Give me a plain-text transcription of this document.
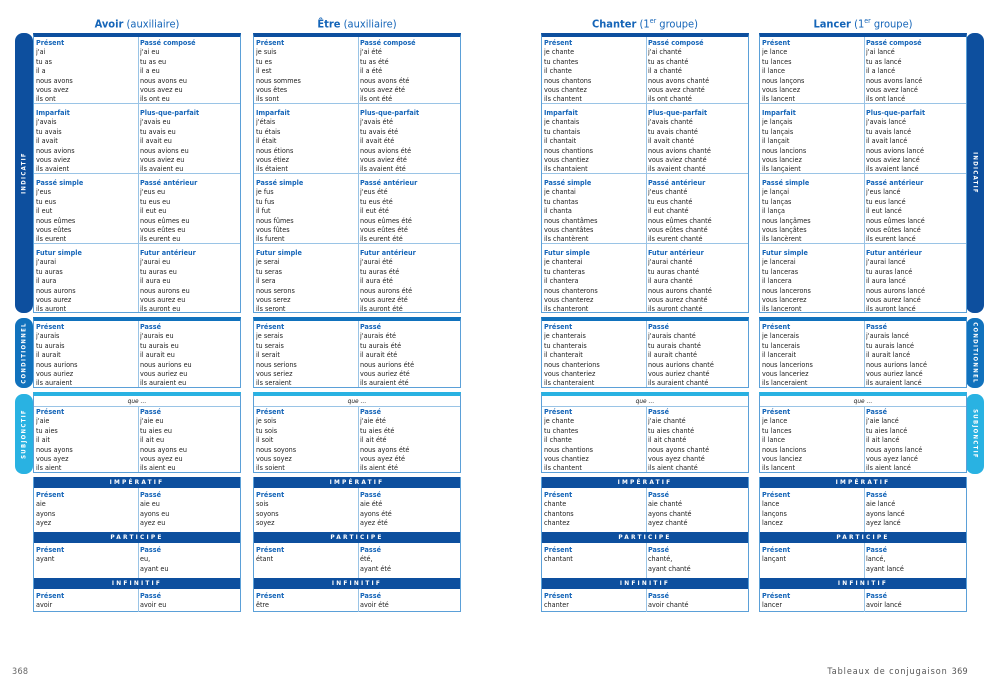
INDICATIF
CONDITIONNEL
SUBJONCTIF
INDICATIF
CONDITIONNEL
SUBJONCTIF
Avoir (auxiliaire)
Présent
j'ai
tu as
il a
nous avons
vous avez
ils ont
Passé composé
j'ai eu
tu as eu
il a eu
nous avons eu
vous avez eu
ils ont eu
Imparfait
j'avais
tu avais
il avait
nous avions
vous aviez
ils avaient
Plus-que-parfait
j'avais eu
tu avais eu
il avait eu
nous avions eu
vous aviez eu
ils avaient eu
Passé simple
j'eus
tu eus
il eut
nous eûmes
vous eûtes
ils eurent
Passé antérieur
j'eus eu
tu eus eu
il eut eu
nous eûmes eu
vous eûtes eu
ils eurent eu
Futur simple
j'aurai
tu auras
il aura
nous aurons
vous aurez
ils auront
Futur antérieur
j'aurai eu
tu auras eu
il aura eu
nous aurons eu
vous aurez eu
ils auront eu
Présent
j'aurais
tu aurais
il aurait
nous aurions
vous auriez
ils auraient
Passé
j'aurais eu
tu aurais eu
il aurait eu
nous aurions eu
vous auriez eu
ils auraient eu
que …
Présent
j'aie
tu aies
il ait
nous ayons
vous ayez
ils aient
Passé
j'aie eu
tu aies eu
il ait eu
nous ayons eu
vous ayez eu
ils aient eu
IMPÉRATIF
Présent
aie
ayons
ayez
Passé
aie eu
ayons eu
ayez eu
PARTICIPE
Présent
ayant
Passé
eu,
ayant eu
INFINITIF
Présent
avoir
Passé
avoir eu
Être (auxiliaire)
Présent
je suis
tu es
il est
nous sommes
vous êtes
ils sont
Passé composé
j'ai été
tu as été
il a été
nous avons été
vous avez été
ils ont été
Imparfait
j'étais
tu étais
il était
nous étions
vous étiez
ils étaient
Plus-que-parfait
j'avais été
tu avais été
il avait été
nous avions été
vous aviez été
ils avaient été
Passé simple
je fus
tu fus
il fut
nous fûmes
vous fûtes
ils furent
Passé antérieur
j'eus été
tu eus été
il eut été
nous eûmes été
vous eûtes été
ils eurent été
Futur simple
je serai
tu seras
il sera
nous serons
vous serez
ils seront
Futur antérieur
j'aurai été
tu auras été
il aura été
nous aurons été
vous aurez été
ils auront été
Présent
je serais
tu serais
il serait
nous serions
vous seriez
ils seraient
Passé
j'aurais été
tu aurais été
il aurait été
nous aurions été
vous auriez été
ils auraient été
que …
Présent
je sois
tu sois
il soit
nous soyons
vous soyez
ils soient
Passé
j'aie été
tu aies été
il ait été
nous ayons été
vous ayez été
ils aient été
IMPÉRATIF
Présent
sois
soyons
soyez
Passé
aie été
ayons été
ayez été
PARTICIPE
Présent
étant
Passé
été,
ayant été
INFINITIF
Présent
être
Passé
avoir été
Chanter (1er groupe)
Présent
je chante
tu chantes
il chante
nous chantons
vous chantez
ils chantent
Passé composé
j'ai chanté
tu as chanté
il a chanté
nous avons chanté
vous avez chanté
ils ont chanté
Imparfait
je chantais
tu chantais
il chantait
nous chantions
vous chantiez
ils chantaient
Plus-que-parfait
j'avais chanté
tu avais chanté
il avait chanté
nous avions chanté
vous aviez chanté
ils avaient chanté
Passé simple
je chantai
tu chantas
il chanta
nous chantâmes
vous chantâtes
ils chantèrent
Passé antérieur
j'eus chanté
tu eus chanté
il eut chanté
nous eûmes chanté
vous eûtes chanté
ils eurent chanté
Futur simple
je chanterai
tu chanteras
il chantera
nous chanterons
vous chanterez
ils chanteront
Futur antérieur
j'aurai chanté
tu auras chanté
il aura chanté
nous aurons chanté
vous aurez chanté
ils auront chanté
Présent
je chanterais
tu chanterais
il chanterait
nous chanterions
vous chanteriez
ils chanteraient
Passé
j'aurais chanté
tu aurais chanté
il aurait chanté
nous aurions chanté
vous auriez chanté
ils auraient chanté
que …
Présent
je chante
tu chantes
il chante
nous chantions
vous chantiez
ils chantent
Passé
j'aie chanté
tu aies chanté
il ait chanté
nous ayons chanté
vous ayez chanté
ils aient chanté
IMPÉRATIF
Présent
chante
chantons
chantez
Passé
aie chanté
ayons chanté
ayez chanté
PARTICIPE
Présent
chantant
Passé
chanté,
ayant chanté
INFINITIF
Présent
chanter
Passé
avoir chanté
Lancer (1er groupe)
Présent
je lance
tu lances
il lance
nous lançons
vous lancez
ils lancent
Passé composé
j'ai lancé
tu as lancé
il a lancé
nous avons lancé
vous avez lancé
ils ont lancé
Imparfait
je lançais
tu lançais
il lançait
nous lancions
vous lanciez
ils lançaient
Plus-que-parfait
j'avais lancé
tu avais lancé
il avait lancé
nous avions lancé
vous aviez lancé
ils avaient lancé
Passé simple
je lançai
tu lanças
il lança
nous lançâmes
vous lançâtes
ils lancèrent
Passé antérieur
j'eus lancé
tu eus lancé
il eut lancé
nous eûmes lancé
vous eûtes lancé
ils eurent lancé
Futur simple
je lancerai
tu lanceras
il lancera
nous lancerons
vous lancerez
ils lanceront
Futur antérieur
j'aurai lancé
tu auras lancé
il aura lancé
nous aurons lancé
vous aurez lancé
ils auront lancé
Présent
je lancerais
tu lancerais
il lancerait
nous lancerions
vous lanceriez
ils lanceraient
Passé
j'aurais lancé
tu aurais lancé
il aurait lancé
nous aurions lancé
vous auriez lancé
ils auraient lancé
que …
Présent
je lance
tu lances
il lance
nous lancions
vous lanciez
ils lancent
Passé
j'aie lancé
tu aies lancé
il ait lancé
nous ayons lancé
vous ayez lancé
ils aient lancé
IMPÉRATIF
Présent
lance
lançons
lancez
Passé
aie lancé
ayons lancé
ayez lancé
PARTICIPE
Présent
lançant
Passé
lancé,
ayant lancé
INFINITIF
Présent
lancer
Passé
avoir lancé
368	Tableaux de conjugaison 369
